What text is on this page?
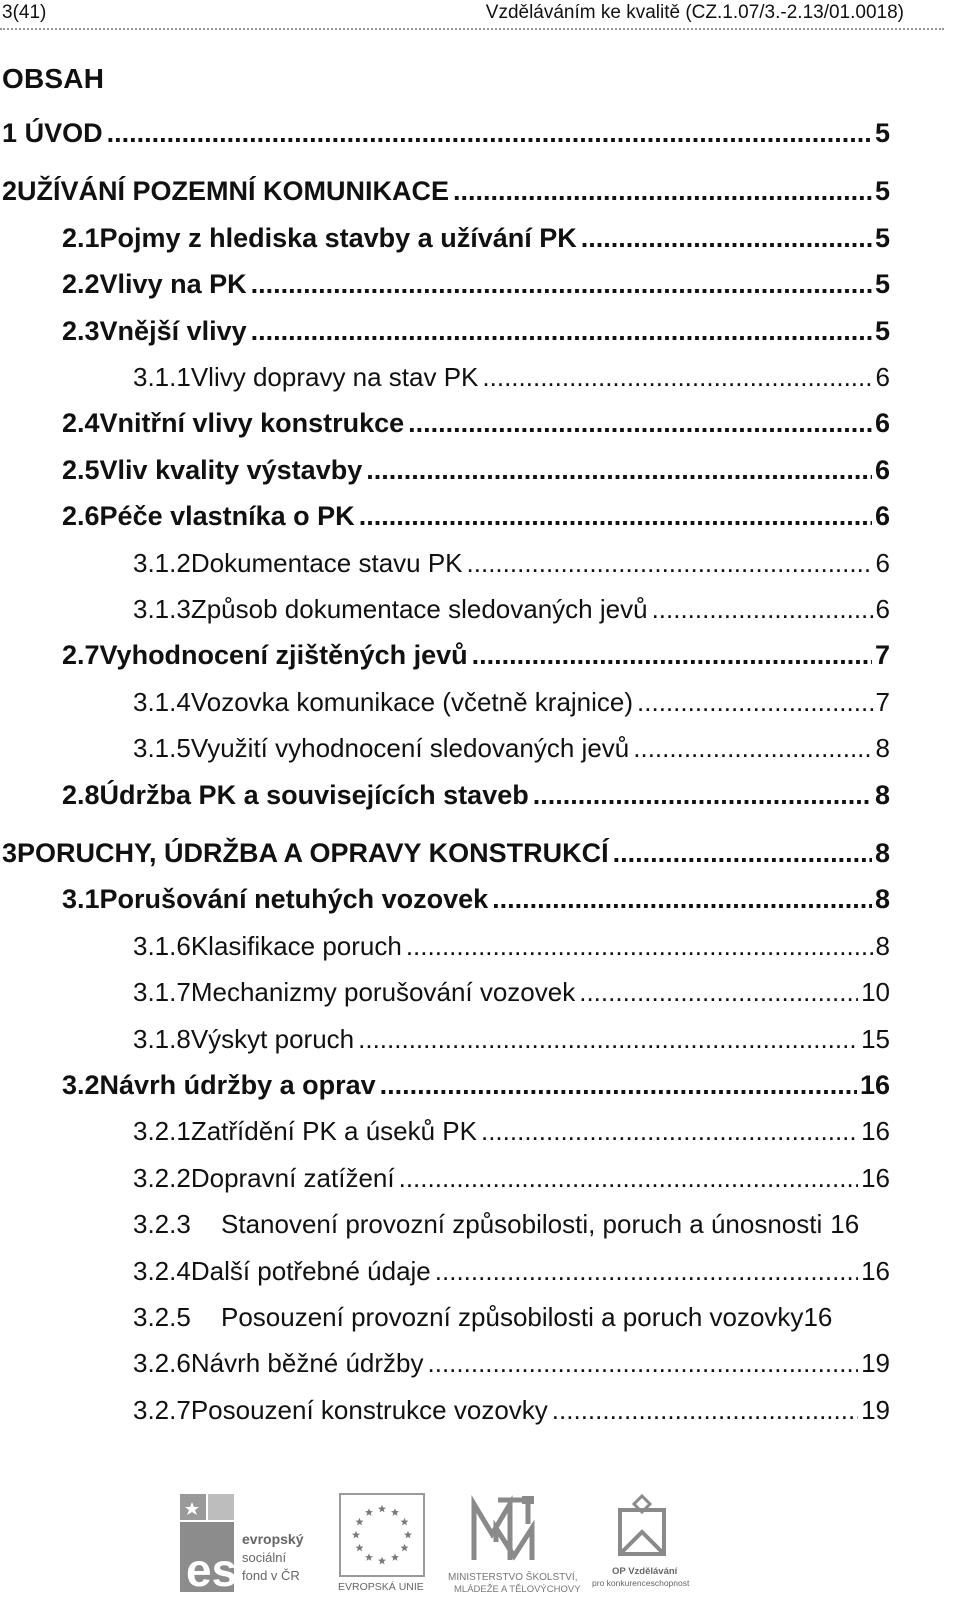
3(41)	Vzděláváním ke kvalitě (CZ.1.07/3.-2.13/01.0018)
OBSAH
1 ÚVOD .....	5
2 UŽÍVÁNÍ POZEMNÍ KOMUNIKACE .....	5
2.1 Pojmy z hlediska stavby a užívání PK .....	5
2.2 Vlivy na PK .....	5
2.3 Vnější vlivy .....	5
3.1.1 Vlivy dopravy na stav PK .....	6
2.4 Vnitřní vlivy konstrukce .....	6
2.5 Vliv kvality výstavby .....	6
2.6 Péče vlastníka o PK .....	6
3.1.2 Dokumentace stavu PK .....	6
3.1.3 Způsob dokumentace sledovaných jevů .....	6
2.7 Vyhodnocení zjištěných jevů .....	7
3.1.4 Vozovka komunikace (včetně krajnice) .....	7
3.1.5 Využití vyhodnocení sledovaných jevů .....	8
2.8 Údržba PK a souvisejících staveb .....	8
3 PORUCHY, ÚDRŽBA A OPRAVY KONSTRUKCÍ .....	8
3.1 Porušování netuhých vozovek .....	8
3.1.6 Klasifikace poruch .....	8
3.1.7 Mechanizmy porušování vozovek .....	10
3.1.8 Výskyt poruch .....	15
3.2 Návrh údržby a oprav .....	16
3.2.1 Zatřídění PK a úseků PK .....	16
3.2.2 Dopravní zatížení .....	16
3.2.3	Stanovení provozní způsobilosti, poruch a únosnosti 16
3.2.4 Další potřebné údaje .....	16
3.2.5	Posouzení provozní způsobilosti a poruch vozovky 16
3.2.6 Návrh běžné údržby .....	19
3.2.7 Posouzení konstrukce vozovky .....	19
esf
evropský
sociální
fond v ČR
EVROPSKÁ UNIE
MINISTERSTVO ŠKOLSTVÍ,
MLÁDEŽE A TĚLOVÝCHOVY
OP Vzdělávání
pro konkurenceschopnost
